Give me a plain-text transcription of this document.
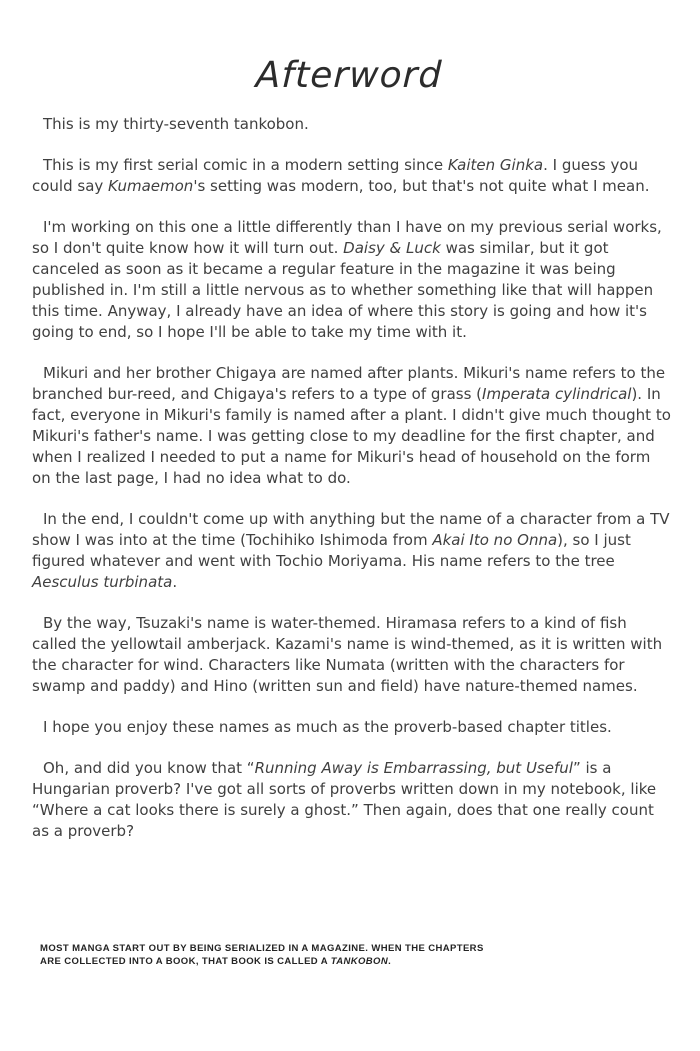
Afterword

This is my thirty-seventh tankobon.

This is my first serial comic in a modern setting since Kaiten Ginka. I guess you could say Kumaemon's setting was modern, too, but that's not quite what I mean.

I'm working on this one a little differently than I have on my previous serial works, so I don't quite know how it will turn out. Daisy & Luck was similar, but it got canceled as soon as it became a regular feature in the magazine it was being published in. I'm still a little nervous as to whether something like that will happen this time. Anyway, I already have an idea of where this story is going and how it's going to end, so I hope I'll be able to take my time with it.

Mikuri and her brother Chigaya are named after plants. Mikuri's name refers to the branched bur-reed, and Chigaya's refers to a type of grass (Imperata cylindrical). In fact, everyone in Mikuri's family is named after a plant. I didn't give much thought to Mikuri's father's name. I was getting close to my deadline for the first chapter, and when I realized I needed to put a name for Mikuri's head of household on the form on the last page, I had no idea what to do.

In the end, I couldn't come up with anything but the name of a character from a TV show I was into at the time (Tochihiko Ishimoda from Akai Ito no Onna), so I just figured whatever and went with Tochio Moriyama. His name refers to the tree Aesculus turbinata.

By the way, Tsuzaki's name is water-themed. Hiramasa refers to a kind of fish called the yellowtail amberjack. Kazami's name is wind-themed, as it is written with the character for wind. Characters like Numata (written with the characters for swamp and paddy) and Hino (written sun and field) have nature-themed names.

I hope you enjoy these names as much as the proverb-based chapter titles.

Oh, and did you know that “Running Away is Embarrassing, but Useful” is a Hungarian proverb? I've got all sorts of proverbs written down in my notebook, like “Where a cat looks there is surely a ghost.” Then again, does that one really count as a proverb?

MOST MANGA START OUT BY BEING SERIALIZED IN A MAGAZINE. WHEN THE CHAPTERS ARE COLLECTED INTO A BOOK, THAT BOOK IS CALLED A TANKOBON.
